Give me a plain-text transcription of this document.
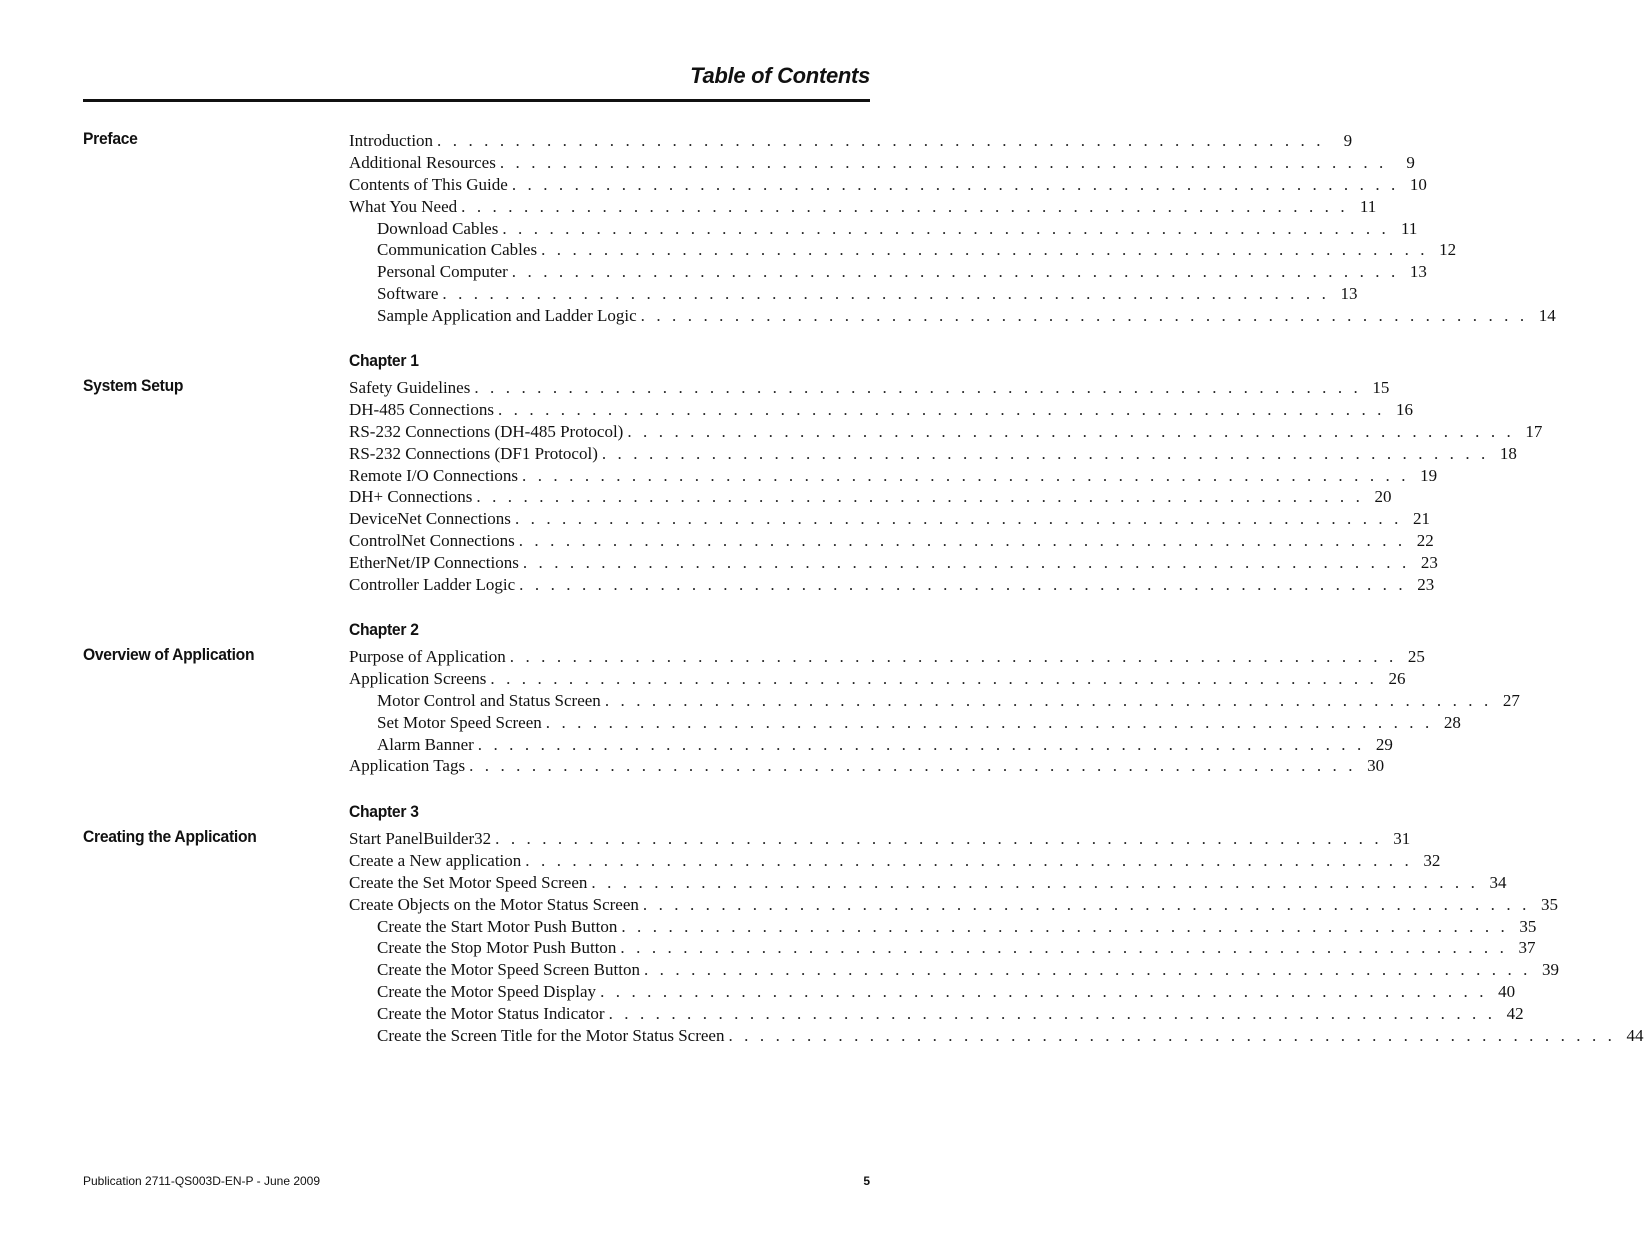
Table of Contents
Preface	Introduction . . . . . . . . . . . . . . . . . . . . . . . . . . . . . . . . . . . . . . . . . . . . . . . . . . . . . . . . .	9
Additional Resources . . . . . . . . . . . . . . . . . . . . . . . . . . . . . . . . . . . . . . . . . . . . . . . . . . . . . . . . .	9
Contents of This Guide . . . . . . . . . . . . . . . . . . . . . . . . . . . . . . . . . . . . . . . . . . . . . . . . . . . . . . . . . 10
What You Need . . . . . . . . . . . . . . . . . . . . . . . . . . . . . . . . . . . . . . . . . . . . . . . . . . . . . . . . . 11
Download Cables . . . . . . . . . . . . . . . . . . . . . . . . . . . . . . . . . . . . . . . . . . . . . . . . . . . . . . . . . 11
Communication Cables . . . . . . . . . . . . . . . . . . . . . . . . . . . . . . . . . . . . . . . . . . . . . . . . . . . . . . . . . 12
Personal Computer . . . . . . . . . . . . . . . . . . . . . . . . . . . . . . . . . . . . . . . . . . . . . . . . . . . . . . . . . 13
Software . . . . . . . . . . . . . . . . . . . . . . . . . . . . . . . . . . . . . . . . . . . . . . . . . . . . . . . . . 13
Sample Application and Ladder Logic . . . . . . . . . . . . . . . . . . . . . . . . . . . . . . . . . . . . . . . . . . . . . . . . . . . . . . . . . 14
Chapter 1
System Setup	Safety Guidelines . . . . . . . . . . . . . . . . . . . . . . . . . . . . . . . . . . . . . . . . . . . . . . . . . . . . . . . . . 15
DH-485 Connections . . . . . . . . . . . . . . . . . . . . . . . . . . . . . . . . . . . . . . . . . . . . . . . . . . . . . . . . . 16
RS-232 Connections (DH-485 Protocol) . . . . . . . . . . . . . . . . . . . . . . . . . . . . . . . . . . . . . . . . . . . . . . . . . . . . . . . . . 17
RS-232 Connections (DF1 Protocol) . . . . . . . . . . . . . . . . . . . . . . . . . . . . . . . . . . . . . . . . . . . . . . . . . . . . . . . . . 18
Remote I/O Connections . . . . . . . . . . . . . . . . . . . . . . . . . . . . . . . . . . . . . . . . . . . . . . . . . . . . . . . . . 19
DH+ Connections . . . . . . . . . . . . . . . . . . . . . . . . . . . . . . . . . . . . . . . . . . . . . . . . . . . . . . . . . 20
DeviceNet Connections . . . . . . . . . . . . . . . . . . . . . . . . . . . . . . . . . . . . . . . . . . . . . . . . . . . . . . . . . 21
ControlNet Connections . . . . . . . . . . . . . . . . . . . . . . . . . . . . . . . . . . . . . . . . . . . . . . . . . . . . . . . . . 22
EtherNet/IP Connections . . . . . . . . . . . . . . . . . . . . . . . . . . . . . . . . . . . . . . . . . . . . . . . . . . . . . . . . . 23
Controller Ladder Logic . . . . . . . . . . . . . . . . . . . . . . . . . . . . . . . . . . . . . . . . . . . . . . . . . . . . . . . . . 23
Chapter 2
Overview of Application	Purpose of Application . . . . . . . . . . . . . . . . . . . . . . . . . . . . . . . . . . . . . . . . . . . . . . . . . . . . . . . . . 25
Application Screens . . . . . . . . . . . . . . . . . . . . . . . . . . . . . . . . . . . . . . . . . . . . . . . . . . . . . . . . . 26
Motor Control and Status Screen . . . . . . . . . . . . . . . . . . . . . . . . . . . . . . . . . . . . . . . . . . . . . . . . . . . . . . . . . 27
Set Motor Speed Screen . . . . . . . . . . . . . . . . . . . . . . . . . . . . . . . . . . . . . . . . . . . . . . . . . . . . . . . . . 28
Alarm Banner . . . . . . . . . . . . . . . . . . . . . . . . . . . . . . . . . . . . . . . . . . . . . . . . . . . . . . . . . 29
Application Tags . . . . . . . . . . . . . . . . . . . . . . . . . . . . . . . . . . . . . . . . . . . . . . . . . . . . . . . . . 30
Chapter 3
Creating the Application	Start PanelBuilder32 . . . . . . . . . . . . . . . . . . . . . . . . . . . . . . . . . . . . . . . . . . . . . . . . . . . . . . . . . 31
Create a New application . . . . . . . . . . . . . . . . . . . . . . . . . . . . . . . . . . . . . . . . . . . . . . . . . . . . . . . . . 32
Create the Set Motor Speed Screen . . . . . . . . . . . . . . . . . . . . . . . . . . . . . . . . . . . . . . . . . . . . . . . . . . . . . . . . . 34
Create Objects on the Motor Status Screen . . . . . . . . . . . . . . . . . . . . . . . . . . . . . . . . . . . . . . . . . . . . . . . . . . . . . . . . . 35
Create the Start Motor Push Button . . . . . . . . . . . . . . . . . . . . . . . . . . . . . . . . . . . . . . . . . . . . . . . . . . . . . . . . . 35
Create the Stop Motor Push Button . . . . . . . . . . . . . . . . . . . . . . . . . . . . . . . . . . . . . . . . . . . . . . . . . . . . . . . . . 37
Create the Motor Speed Screen Button . . . . . . . . . . . . . . . . . . . . . . . . . . . . . . . . . . . . . . . . . . . . . . . . . . . . . . . . . 39
Create the Motor Speed Display . . . . . . . . . . . . . . . . . . . . . . . . . . . . . . . . . . . . . . . . . . . . . . . . . . . . . . . . . 40
Create the Motor Status Indicator . . . . . . . . . . . . . . . . . . . . . . . . . . . . . . . . . . . . . . . . . . . . . . . . . . . . . . . . . 42
Create the Screen Title for the Motor Status Screen . . . . . . . . . . . . . . . . . . . . . . . . . . . . . . . . . . . . . . . . . . . . . . . . . . . . . . . . . 44
Publication 2711-QS003D-EN-P - June 2009	5
